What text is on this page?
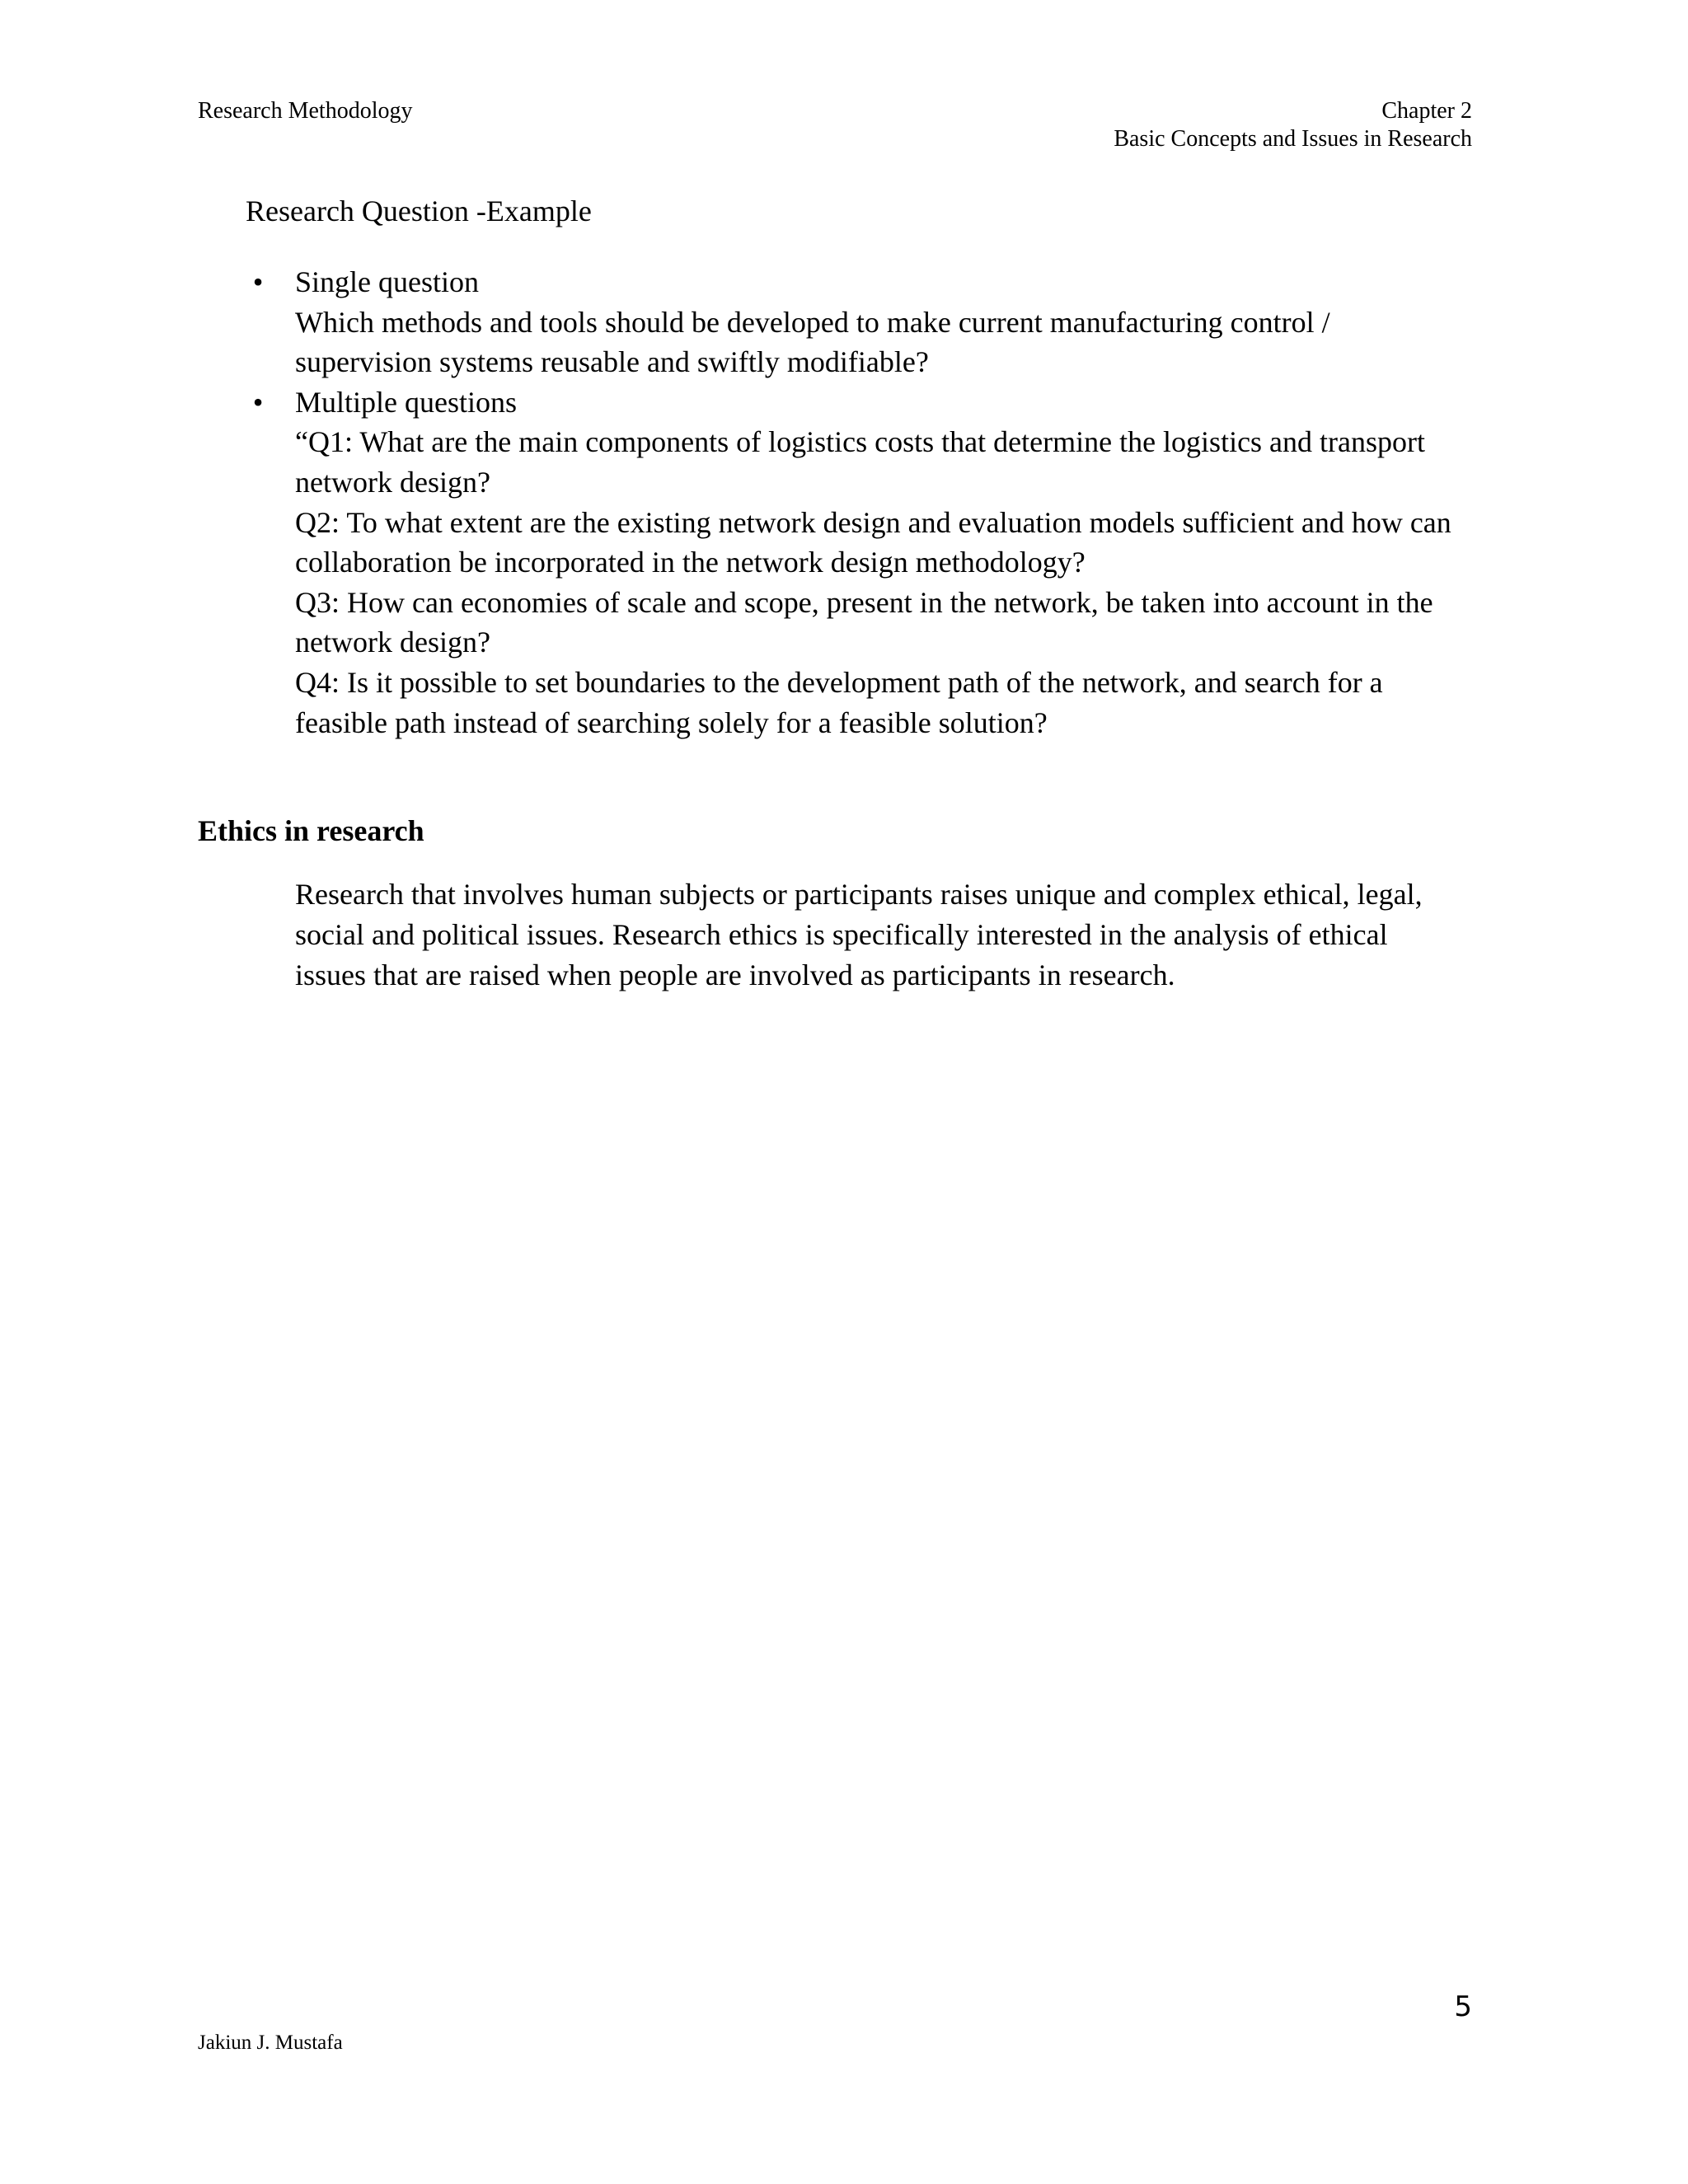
Research Methodology	Chapter 2
Basic Concepts and Issues in Research
Research Question -Example
• Single question
Which methods and tools should be developed to make current manufacturing control /
supervision systems reusable and swiftly modifiable?
• Multiple questions
“Q1: What are the main components of logistics costs that determine the logistics and transport
network design?
Q2: To what extent are the existing network design and evaluation models sufficient and how can
collaboration be incorporated in the network design methodology?
Q3: How can economies of scale and scope, present in the network, be taken into account in the
network design?
Q4: Is it possible to set boundaries to the development path of the network, and search for a
feasible path instead of searching solely for a feasible solution?
Ethics in research
Research that involves human subjects or participants raises unique and complex ethical, legal,
social and political issues. Research ethics is specifically interested in the analysis of ethical
issues that are raised when people are involved as participants in research.
5
Jakiun J. Mustafa
